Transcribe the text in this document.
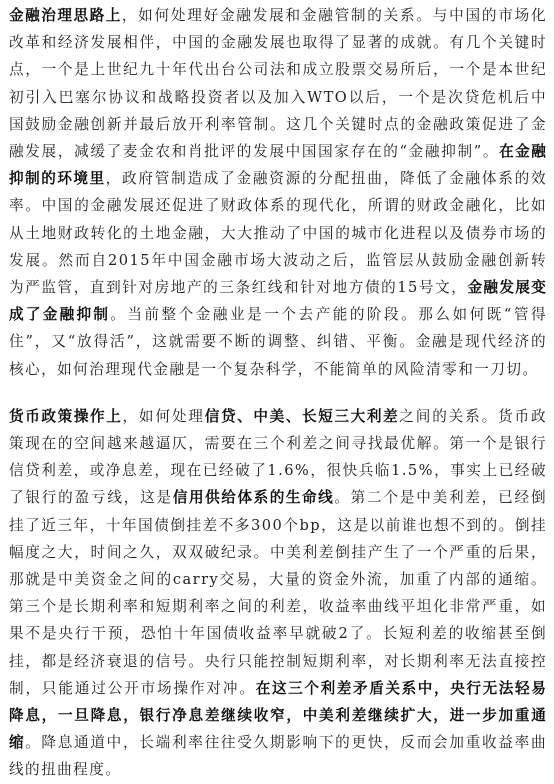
金融治理思路上，如何处理好金融发展和金融管制的关系。与中国的市场化改革和经济发展相伴，中国的金融发展也取得了显著的成就。有几个关键时点，一个是上世纪九十年代出台公司法和成立股票交易所后，一个是本世纪初引入巴塞尔协议和战略投资者以及加入WTO以后，一个是次贷危机后中国鼓励金融创新并最后放开利率管制。这几个关键时点的金融政策促进了金融发展，减缓了麦金农和肖批评的发展中国国家存在的“金融抑制”。在金融抑制的环境里，政府管制造成了金融资源的分配扭曲，降低了金融体系的效率。中国的金融发展还促进了财政体系的现代化，所谓的财政金融化，比如从土地财政转化的土地金融，大大推动了中国的城市化进程以及债券市场的发展。然而自2015年中国金融市场大波动之后，监管层从鼓励金融创新转为严监管，直到针对房地产的三条红线和针对地方债的15号文，金融发展变成了金融抑制。当前整个金融业是一个去产能的阶段。那么如何既“管得住”，又“放得活”，这就需要不断的调整、纠错、平衡。金融是现代经济的核心，如何治理现代金融是一个复杂科学，不能简单的风险清零和一刀切。

货币政策操作上，如何处理信贷、中美、长短三大利差之间的关系。货币政策现在的空间越来越逼仄，需要在三个利差之间寻找最优解。第一个是银行信贷利差，或净息差，现在已经破了1.6%，很快兵临1.5%，事实上已经破了银行的盈亏线，这是信用供给体系的生命线。第二个是中美利差，已经倒挂了近三年，十年国债倒挂差不多300个bp，这是以前谁也想不到的。倒挂幅度之大，时间之久，双双破纪录。中美利差倒挂产生了一个严重的后果，那就是中美资金之间的carry交易，大量的资金外流，加重了内部的通缩。第三个是长期利率和短期利率之间的利差，收益率曲线平坦化非常严重，如果不是央行干预，恐怕十年国债收益率早就破2了。长短利差的收缩甚至倒挂，都是经济衰退的信号。央行只能控制短期利率，对长期利率无法直接控制，只能通过公开市场操作对冲。在这三个利差矛盾关系中，央行无法轻易降息，一旦降息，银行净息差继续收窄，中美利差继续扩大，进一步加重通缩。降息通道中，长端利率往往受久期影响下的更快，反而会加重收益率曲线的扭曲程度。
